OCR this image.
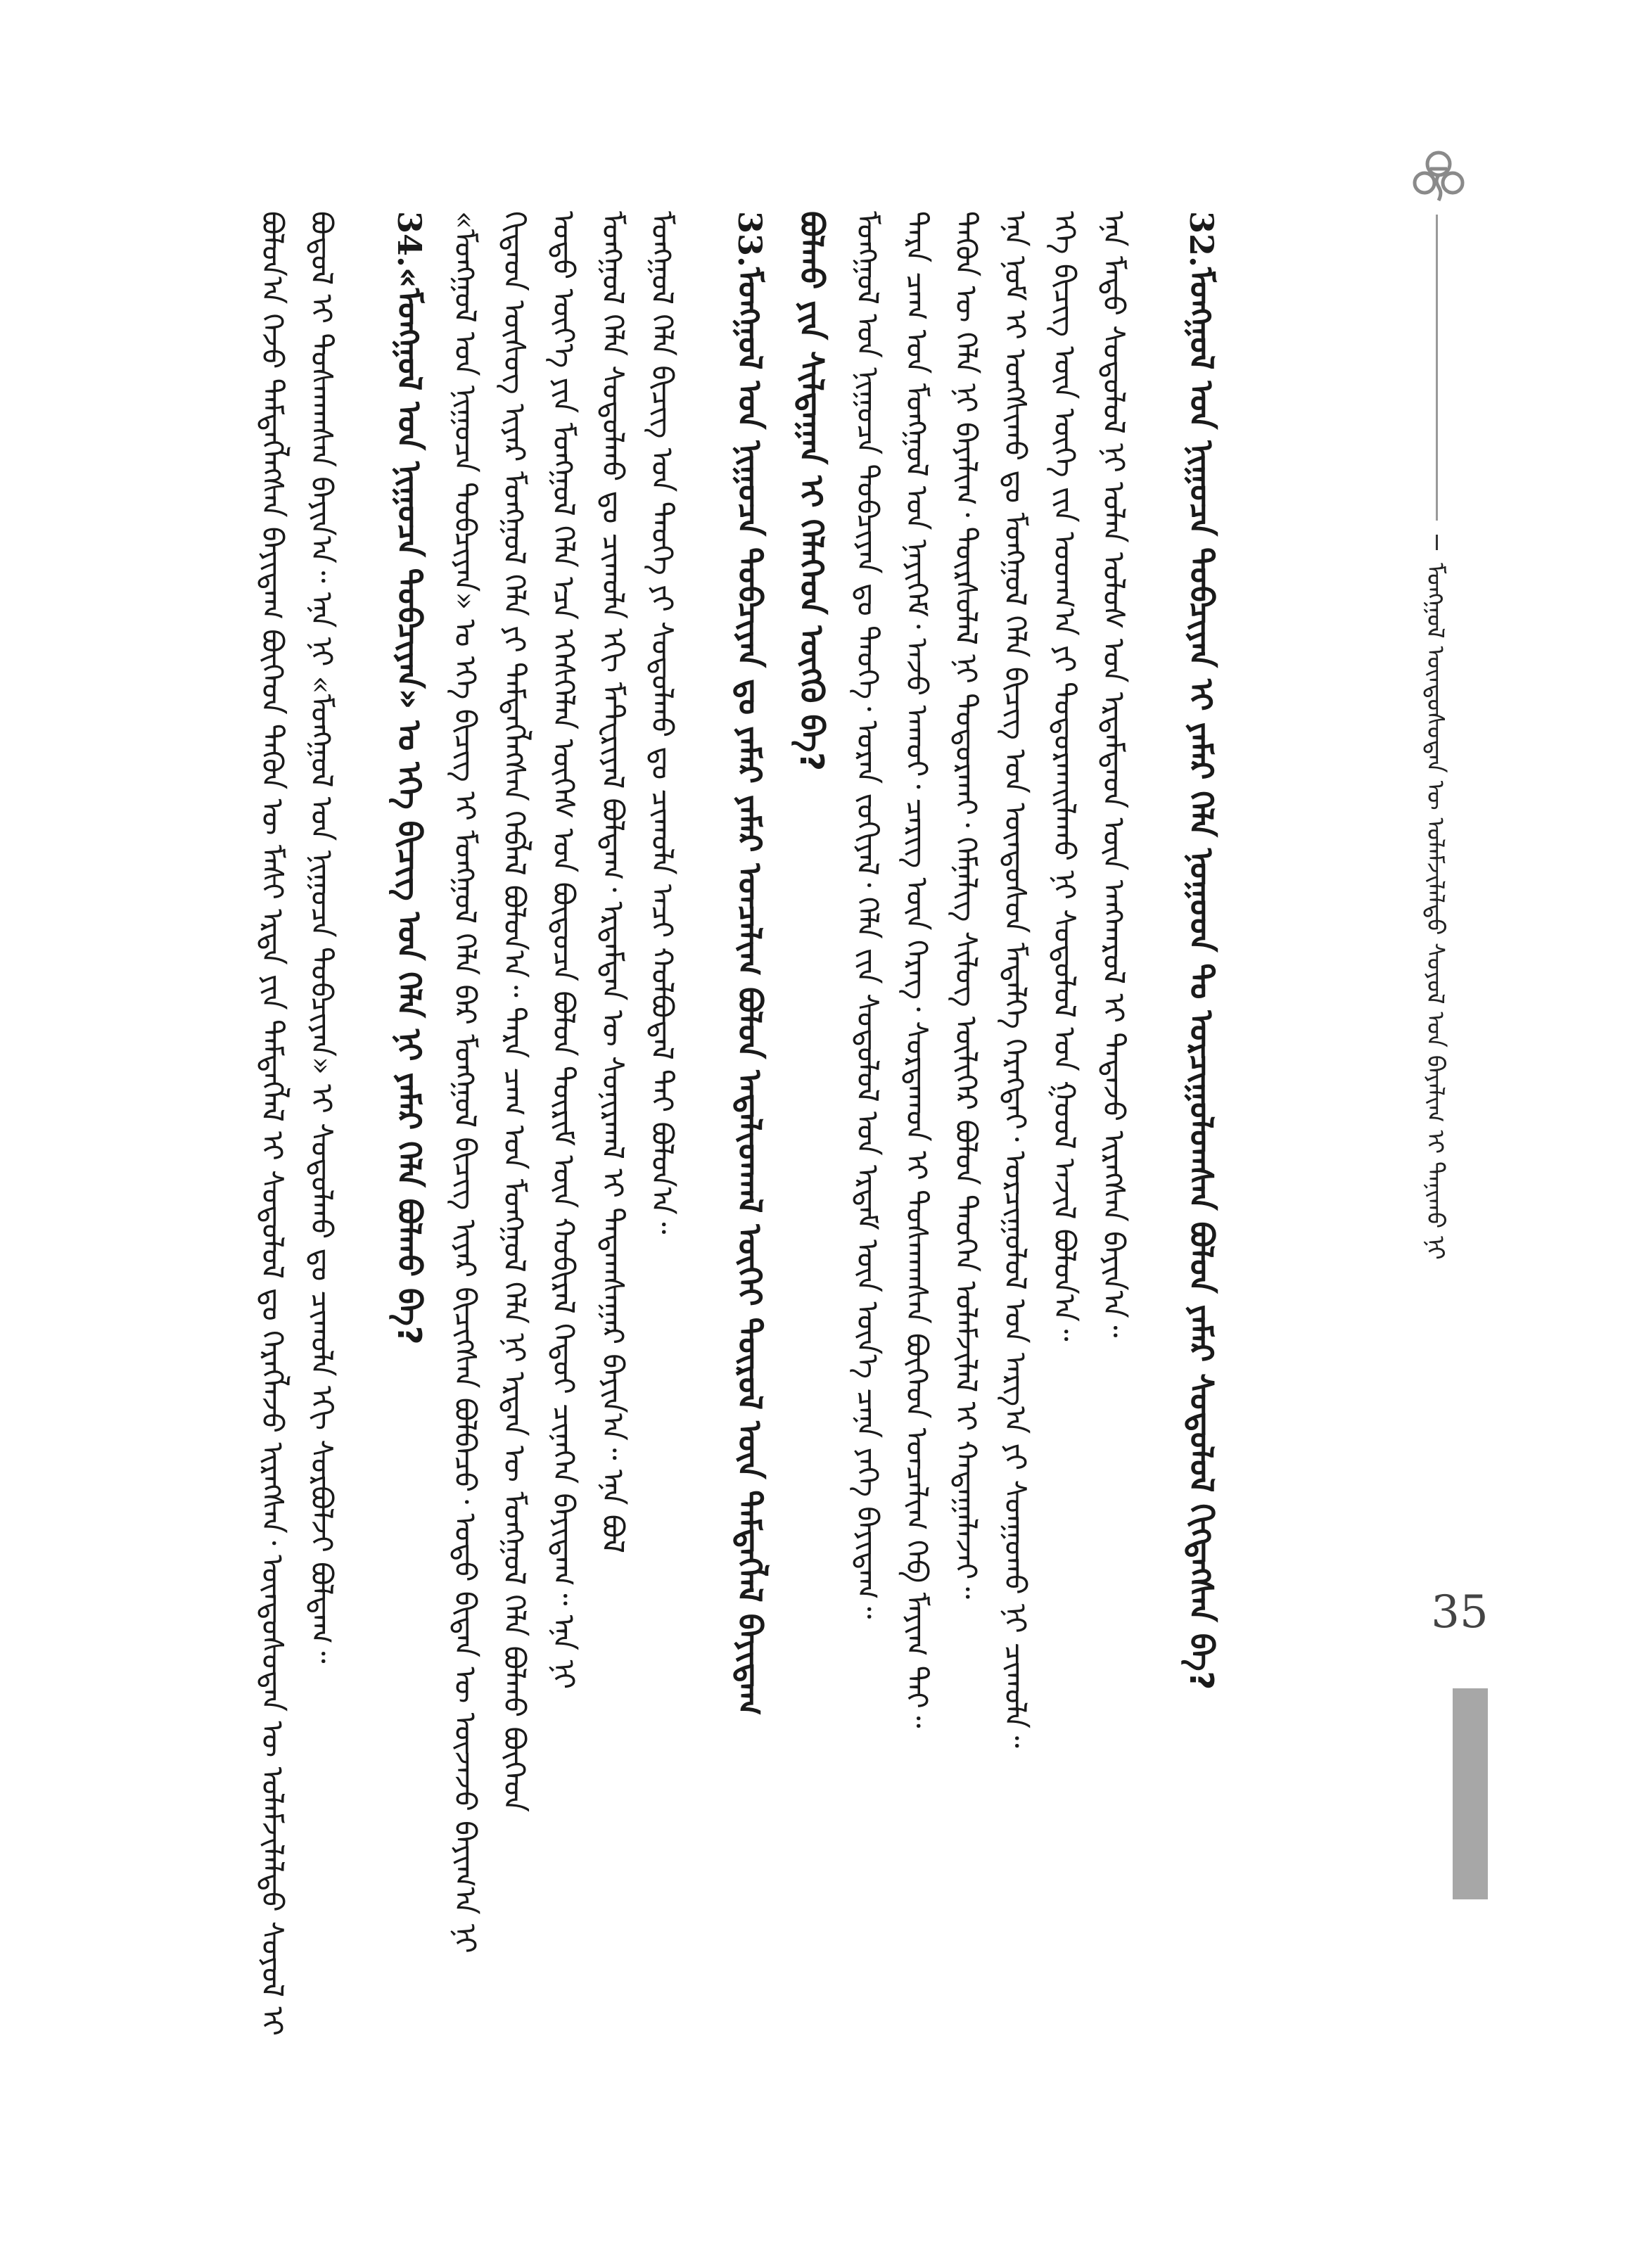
ᠮᠣᠩᠭᠣᠯ ᠦᠨᠳᠦᠰᠦᠲᠡᠨ ᠦ ᠤᠯᠠᠮᠵᠢᠯᠠᠯᠲᠣ ᠰᠣᠶᠣᠯ ᠤᠨ ᠪᠠᠶᠠᠯᠢᠭ ᠢ ᠲᠠᠨᠢᠬᠤ ᠨᠢ
35
ᠪᠣᠯᠤᠨ᠎ᠠ ᠭᠡᠵᠦ ᠲᠡᠮᠳᠡᠭᠯᠡᠭᠰᠡᠨ ᠪᠠᠶᠢᠳᠠᠭ ᠪᠥᠭᠡᠳ ᠲᠡᠭᠦᠨ ᠦ ᠮᠠᠰᠢ ᠡᠷᠲᠡ ᠶᠢᠨ ᠲᠡᠮᠳᠡᠭᠯᠡᠯ ᠢ ᠰᠤᠳᠤᠯᠤᠯ ᠳᠤ ᠬᠡᠷᠡᠭᠯᠡᠵᠦ ᠢᠷᠡᠭᠰᠡᠨ᠂ ᠦᠨᠳᠦᠰᠦᠲᠡᠨ ᠦ ᠤᠯᠠᠮᠵᠢᠯᠠᠯᠲᠣ ᠰᠣᠶᠣᠯ ᠢ ᠪᠣᠳᠤᠯ ᠢ ᠲᠤᠰᠬᠠᠭᠰᠠᠨ ᠪᠠᠶᠢᠨ᠎ᠠ᠃ ᠡᠨᠡ ᠨᠢ «ᠮᠣᠩᠭᠣᠯ ᠤᠨ ᠨᠢᠭᠤᠴᠠ ᠲᠣᠪᠴᠢᠶᠠᠨ» ᠢ ᠰᠤᠳᠤᠯᠬᠤ ᠳᠤ ᠴᠢᠬᠤᠯᠠ ᠡᠬᠢ ᠰᠤᠷᠪᠤᠯᠵᠢ ᠪᠣᠯᠳᠠᠭ᠃	34.«ᠮᠣᠩᠭᠣᠯ ᠤᠨ ᠨᠢᠭᠤᠴᠠ ᠲᠣᠪᠴᠢᠶᠠᠨ» ᠤ ᠡᠬᠡ ᠪᠢᠴᠢᠭ ᠤᠨ ᠬᠡᠯᠡ ᠨᠢ ᠶᠠᠮᠠᠷ ᠬᠡᠯᠡ ᠪᠣᠯᠬᠤ ᠪᠡ? «ᠮᠣᠩᠭᠣᠯ ᠤᠨ ᠨᠢᠭᠤᠴᠠ ᠲᠣᠪᠴᠢᠶᠠᠨ» ᠤ ᠡᠬᠡ ᠪᠢᠴᠢᠭ ᠢ ᠮᠣᠩᠭᠣᠯ ᠬᠡᠯᠡ ᠪᠡᠷ ᠮᠣᠩᠭᠣᠯ ᠪᠢᠴᠢᠭ ᠢᠶᠡᠷ ᠪᠢᠴᠢᠭᠰᠡᠨ ᠪᠣᠯᠪᠠᠴᠤ᠂ ᠣᠳᠣ ᠪᠢᠳᠡᠨ ᠦ ᠦᠵᠡᠵᠦ ᠪᠠᠶᠢᠭ᠎ᠠ ᠨᠢ ᠬᠢᠲᠠᠳ ᠦᠰᠦᠭ ᠢᠶᠡᠷ ᠮᠣᠩᠭᠣᠯ ᠬᠡᠯᠡ ᠶᠢ ᠲᠡᠮᠳᠡᠭᠯᠡᠭᠰᠡᠨ ᠬᠡᠪᠯᠡᠯ ᠪᠣᠯᠤᠨ᠎ᠠ᠃ ᠲᠡᠷᠡ ᠴᠠᠭ ᠤᠨ ᠮᠣᠩᠭᠣᠯ ᠬᠡᠯᠡ ᠨᠢ ᠡᠷᠲᠡᠨ ᠦ ᠮᠣᠩᠭᠣᠯ ᠬᠡᠯᠡ ᠪᠣᠯᠬᠤ ᠪᠥᠭᠡᠳ ᠣᠳᠣ ᠦᠶ᠎ᠡ ᠶᠢᠨ ᠮᠣᠩᠭᠣᠯ ᠬᠡᠯᠡ ᠡᠴᠡ ᠡᠭᠡᠰᠬᠡᠯᠡᠨ ᠦᠭᠡᠰ ᠤᠨ ᠪᠦᠲᠦᠴᠡ ᠪᠣᠯᠤᠨ ᠳᠦᠷᠢᠮ ᠦᠨ ᠬᠤᠪᠢᠷᠠᠯ ᠬᠡᠳᠦᠢ ᠴᠢᠨᠡᠭᠡᠨ ᠪᠠᠶᠢᠳᠠᠭ᠃ ᠡᠨᠡ ᠨᠢ ᠮᠣᠩᠭᠣᠯ ᠬᠡᠯᠡ ᠰᠤᠳᠤᠯᠬᠤ ᠳᠤ ᠴᠢᠬᠤᠯᠠ ᠡᠬᠢ ᠮᠠᠲᠧᠷᠢᠶᠠᠯ ᠪᠣᠯᠳᠠᠭ᠂ ᠡᠷᠳᠡᠮᠲᠡᠨ ᠦ ᠰᠣᠨᠢᠷᠬᠠᠯ ᠢ ᠲᠠᠲᠠᠭᠰᠠᠭᠠᠷ ᠪᠠᠶᠢᠨ᠎ᠠ᠃ ᠡᠨᠡ ᠪᠣᠯ ᠮᠣᠩᠭᠣᠯ ᠬᠡᠯᠡ ᠪᠢᠴᠢᠭ ᠤᠨ ᠲᠡᠦᠬᠡ ᠶᠢ ᠰᠤᠳᠤᠯᠬᠤ ᠳᠤ ᠴᠢᠬᠤᠯᠠ ᠠᠴᠢ ᠬᠣᠯᠪᠣᠳᠠᠯ ᠲᠠᠢ ᠪᠣᠯᠤᠨ᠎ᠠ᠃	33.ᠮᠣᠩᠭᠣᠯ ᠤᠨ ᠨᠢᠭᠤᠴᠠ ᠲᠣᠪᠴᠢᠶᠠᠨ ᠳᠤ ᠶᠠᠮᠠᠷ ᠶᠠᠮᠠᠷ ᠣᠨᠴᠠᠯᠢᠭ ᠪᠣᠯᠤᠨ ᠠᠳᠠᠯᠢᠳᠬᠠᠯ ᠦᠭᠡᠢ ᠲᠥᠷᠦᠯ ᠦᠨ ᠲᠡᠮᠳᠡᠭᠯᠡᠯ ᠪᠠᠶᠢᠳᠠᠭ ᠪᠣᠯᠬᠤ ᠶᠢᠨ ᠰᠢᠯᠲᠠᠭᠠᠨ ᠢ ᠬᠡᠯᠡᠭᠡᠳ ᠥᠭᠬᠦ ᠪᠡ? ᠮᠣᠩᠭᠣᠯ ᠤᠨ ᠨᠢᠭᠤᠴᠠ ᠲᠣᠪᠴᠢᠶᠠᠨ ᠳᠤ ᠲᠡᠦᠬᠡ᠂ ᠤᠷᠠᠨ ᠵᠣᠬᠢᠶᠠᠯ᠂ ᠬᠡᠯᠡ ᠵᠢᠨ ᠰᠤᠳᠤᠯᠤᠯ ᠤᠨ ᠡᠷᠳᠡᠮ ᠦᠨ ᠦᠨ᠎ᠡ ᠴᠡᠨᠡ ᠶᠡᠬᠡ ᠪᠠᠶᠢᠳᠠᠭ᠃ ᠲᠡᠷᠡ ᠴᠠᠭ ᠤᠨ ᠮᠣᠩᠭᠣᠯ ᠤᠨ ᠨᠡᠶᠢᠭᠡᠮ᠂ ᠠᠵᠤ ᠠᠬᠤᠢ᠂ ᠴᠡᠷᠢᠭ ᠦᠨ ᠬᠡᠷᠡᠭ᠂ ᠰᠤᠷᠲᠠᠬᠤᠨ ᠢ ᠲᠤᠰᠬᠠᠭᠰᠠᠨ ᠪᠥᠭᠡᠳ ᠣᠨᠴᠠᠯᠢᠭ ᠬᠡᠪ ᠮᠠᠶᠢᠭ ᠲᠠᠢ᠃ ᠲᠡᠭᠦᠨ ᠦ ᠬᠡᠯᠡ ᠨᠢ ᠪᠠᠶᠠᠯᠢᠭ᠂ ᠳᠦᠷᠰᠦᠯᠡᠯ ᠨᠢ ᠲᠣᠳᠣᠷᠬᠠᠢ᠂ ᠬᠡᠮᠨᠡᠯᠢᠭ ᠰᠢᠯᠦᠭ ᠦᠯᠢᠭᠡᠷ ᠪᠣᠯᠤᠨ ᠲᠡᠦᠬᠡᠨ ᠤᠯᠠᠮᠵᠢᠯᠠᠯ ᠢ ᠬᠠᠳᠠᠭᠠᠯᠠᠵᠠᠶ᠃ ᠡᠨᠡ ᠨᠣᠮ ᠢ ᠤᠩᠰᠢᠬᠤ ᠳᠤ ᠮᠣᠩᠭᠣᠯ ᠬᠡᠯᠡ ᠪᠢᠴᠢᠭ ᠤᠨ ᠦᠨᠳᠦᠰᠦᠨ ᠮᠡᠳᠡᠯᠭᠡ ᠬᠡᠷᠡᠭᠲᠡᠢ᠂ ᠣᠷᠴᠢᠭᠤᠯᠤᠯ ᠤᠨ ᠠᠷᠭ᠎ᠠ ᠶᠢ ᠰᠣᠨᠭᠣᠬᠤ ᠨᠢ ᠴᠢᠬᠤᠯᠠ᠃ ᠡᠬᠡ ᠪᠢᠴᠢᠭ ᠦᠨ ᠦᠭᠡ ᠵᠢᠨ ᠤᠳᠬ᠎ᠠ ᠶᠢ ᠲᠣᠳᠣᠷᠬᠠᠢᠯᠠᠬᠤ ᠨᠢ ᠰᠤᠳᠤᠯᠤᠯ ᠤᠨ ᠭᠣᠣᠯ ᠠᠵᠢᠯ ᠪᠣᠯᠤᠨ᠎ᠠ᠃ ᠡᠨᠡ ᠮᠡᠲᠦ ᠰᠤᠳᠤᠯᠤᠯ ᠨᠢ ᠣᠯᠠᠨ ᠤᠯᠤᠰ ᠤᠨ ᠡᠷᠳᠡᠮᠲᠡᠳ ᠦᠨ ᠠᠩᠬᠠᠷᠤᠯ ᠢ ᠲᠠᠲᠠᠵᠤ ᠢᠷᠡᠭᠰᠡᠨ ᠪᠠᠶᠢᠨ᠎ᠠ᠃	32.ᠮᠣᠩᠭᠣᠯ ᠤᠨ ᠨᠢᠭᠤᠴᠠ ᠲᠣᠪᠴᠢᠶᠠᠨ ᠢ ᠶᠠᠮᠠᠷ ᠬᠡᠯᠡ ᠨᠤᠭᠤᠳ ᠲᠤ ᠣᠷᠴᠢᠭᠤᠯᠤᠭᠰᠠᠨ ᠪᠣᠯᠤᠨ ᠶᠠᠮᠠᠷ ᠰᠤᠳᠤᠯᠤᠯ ᠬᠢᠭᠳᠡᠭᠰᠡᠨ ᠪᠡ?
